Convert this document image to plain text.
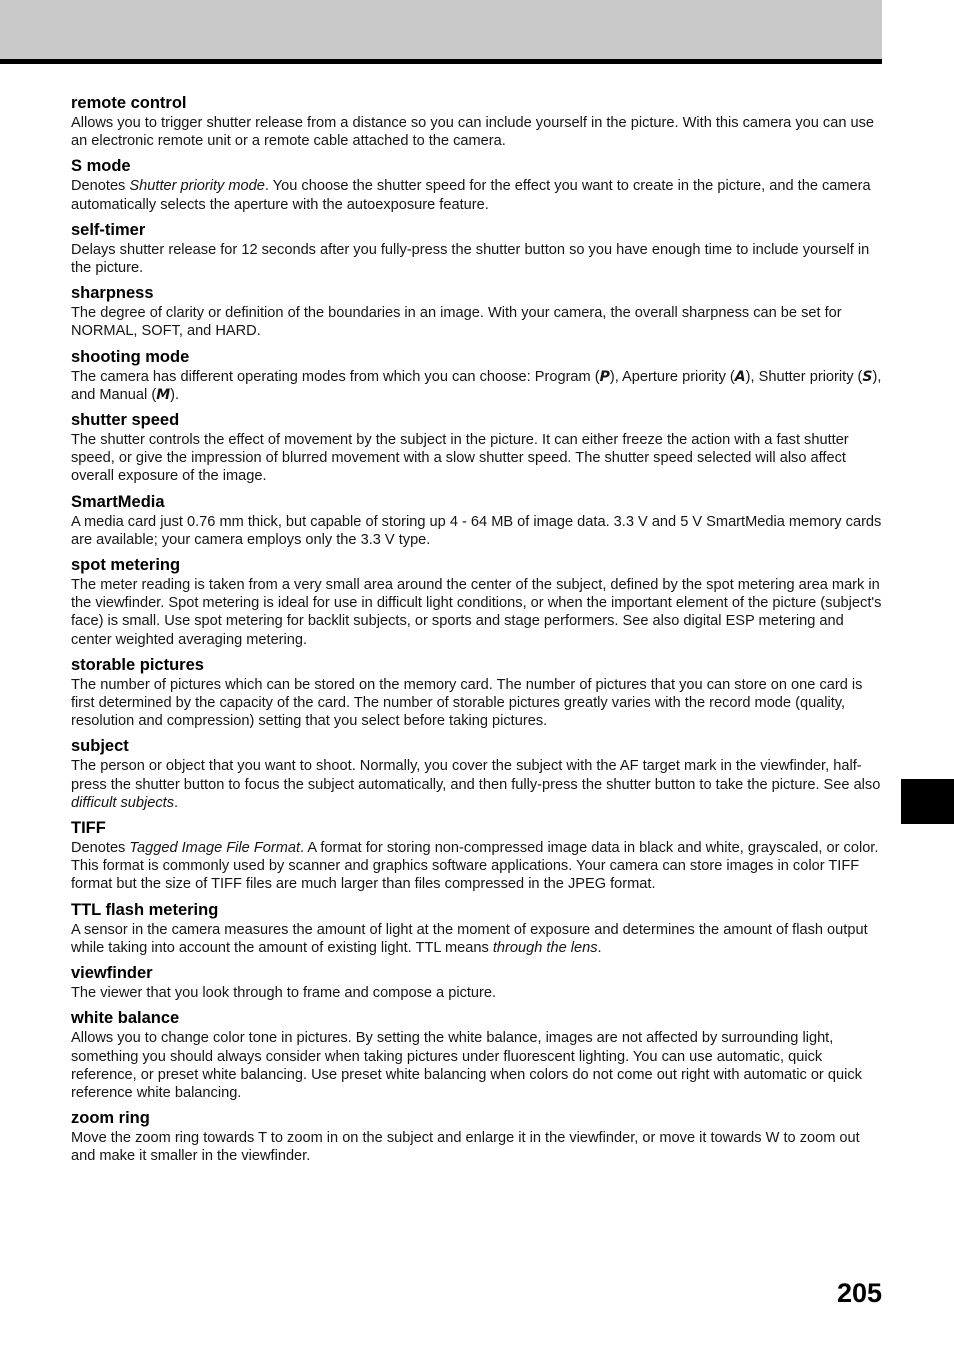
remote control

Allows you to trigger shutter release from a distance so you can include yourself in the picture. With this camera you can use an electronic remote unit or a remote cable attached to the camera.

S mode

Denotes Shutter priority mode. You choose the shutter speed for the effect you want to create in the picture, and the camera automatically selects the aperture with the autoexposure feature.

self-timer

Delays shutter release for 12 seconds after you fully-press the shutter button so you have enough time to include yourself in the picture.

sharpness

The degree of clarity or definition of the boundaries in an image. With your camera, the overall sharpness can be set for NORMAL, SOFT, and HARD.

shooting mode

The camera has different operating modes from which you can choose: Program (P), Aperture priority (A), Shutter priority (S), and Manual (M).

shutter speed

The shutter controls the effect of movement by the subject in the picture. It can either freeze the action with a fast shutter speed, or give the impression of blurred movement with a slow shutter speed. The shutter speed selected will also affect overall exposure of the image.

SmartMedia

A media card just 0.76 mm thick, but capable of storing up 4 - 64 MB of image data. 3.3 V and 5 V SmartMedia memory cards are available; your camera employs only the 3.3 V type.

spot metering

The meter reading is taken from a very small area around the center of the subject, defined by the spot metering area mark in the viewfinder. Spot metering is ideal for use in difficult light conditions, or when the important element of the picture (subject's face) is small. Use spot metering for backlit subjects, or sports and stage performers. See also digital ESP metering and center weighted averaging metering.

storable pictures

The number of pictures which can be stored on the memory card. The number of pictures that you can store on one card is first determined by the capacity of the card. The number of storable pictures greatly varies with the record mode (quality, resolution and compression) setting that you select before taking pictures.

subject

The person or object that you want to shoot. Normally, you cover the subject with the AF target mark in the viewfinder, half-press the shutter button to focus the subject automatically, and then fully-press the shutter button to take the picture. See also difficult subjects.

TIFF

Denotes Tagged Image File Format. A format for storing non-compressed image data in black and white, grayscaled, or color. This format is commonly used by scanner and graphics software applications. Your camera can store images in color TIFF format but the size of TIFF files are much larger than files compressed in the JPEG format.

TTL flash metering

A sensor in the camera measures the amount of light at the moment of exposure and determines the amount of flash output while taking into account the amount of existing light. TTL means through the lens.

viewfinder

The viewer that you look through to frame and compose a picture.

white balance

Allows you to change color tone in pictures. By setting the white balance, images are not affected by surrounding light, something you should always consider when taking pictures under fluorescent lighting. You can use automatic, quick reference, or preset white balancing. Use preset white balancing when colors do not come out right with automatic or quick reference white balancing.

zoom ring

Move the zoom ring towards T to zoom in on the subject and enlarge it in the viewfinder, or move it towards W to zoom out and make it smaller in the viewfinder.

205
